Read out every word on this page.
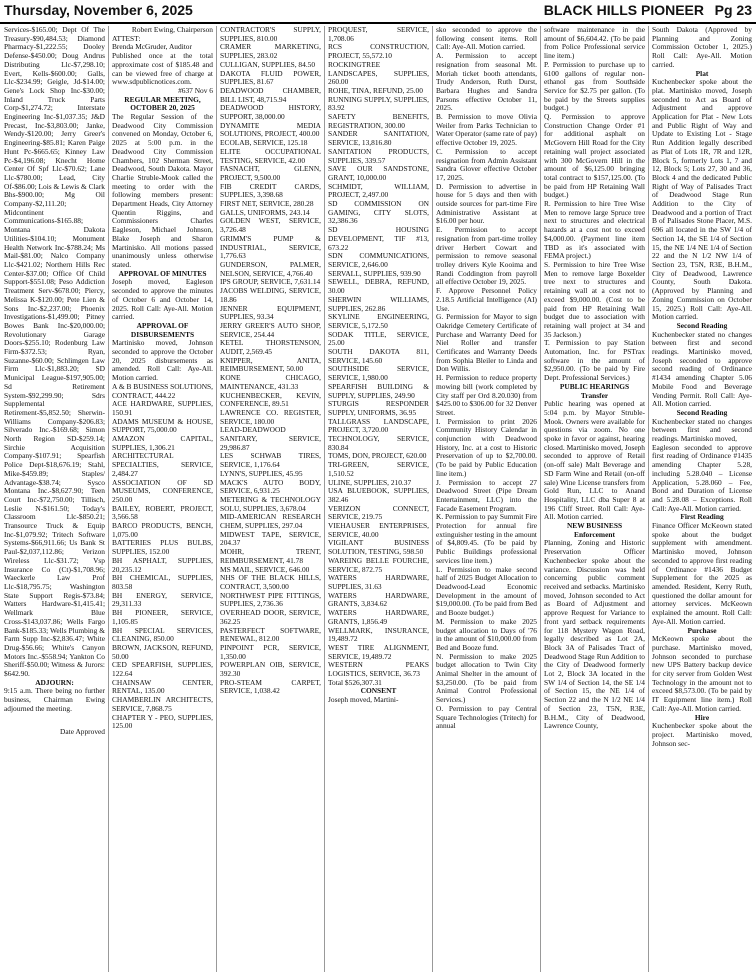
Thursday, November 6, 2025	BLACK HILLS PIONEER Pg 23

Services-$165.00; Dept Of The Treasury-$90,484.53; Diamond Pharmacy-$1,222.55; Dooley Defense-$450.00; Doug Andrus Distributing Llc-$7,298.10; Evert, Kells-$600.00; Galls, Llc-$234.99; Geigle, Jd-$14.00; Gene's Lock Shop Inc-$30.00; Inland Truck Parts Corp-$1,274.72; Interstate Engineering Inc-$1,037.35; J&D Precast, Inc-$3,803.00; Janke, Wendy-$120.00; Jerry Greer's Engineering-$85.81; Karen Paige Hunt Pc-$665.65; Kinney Law Pc-$4,196.08; Knecht Home Center Of Spf Llc-$70.62; Lane Llc-$780.00; Lead, City Of-$86.00; Lois & Lewis & Clark Bhs-$900.00; Mg Oil Company-$2,111.20; Midcontinent Communications-$165.88; Montana Dakota Utilities-$104.10; Monument Health Network Inc-$788.24; Ms Mail-$81.00; Nalco Company Llc-$421.02; Northern Hills Rec Center-$37.00; Office Of Child Support-$551.08; Peso Addiction Treatment Serv-$678.00; Piercy, Melissa K-$120.00; Pete Lien & Sons Inc-$2,237.00; Phoenix Investigations-$1,499.00; Pitney Bowes Bank Inc-$20,000.00; Revolutionary Garage Doors-$255.10; Rodenburg Law Firm-$372.53; Ryan, Suzanne-$60.00; Schlimgen Law Firm Llc-$1,883.20; SD Municipal League-$197,905.00; Sd Retirement System-$92,299.90; Sdrs Supplemental Retirement-$5,852.50; Sherwin-Williams Company-$206.83; Silverado Inc.-$169.68; Simon North Region SD-$259.14; Sirchie Acquisition Company-$107.91; Spearfish Police Dept-$18,676.19; Stahl, Mike-$459.89; Staples/ Advantage-$38.74; Sysco Montana Inc.-$8,627.90; Teen Court Inc-$72,750.00; Tillisch, Leslie N-$161.50; Today's Classroom Llc-$850.21; Transource Truck & Equip Inc-$1,079.92; Tritech Software Systems-$66,911.66; Us Bank St Paul-$2,037,112.86; Verizon Wireless Llc-$31.72; Vsp Insurance Co (Ct)-$1,708.96; Waeckerle Law Prof Llc-$18,795.75; Washington State Support Regis-$73.84; Watters Hardware-$1,415.41; Wellmark Blue Cross-$143,037.86; Wells Fargo Bank-$185.33; Wells Plumbing & Farm Supp Inc-$2,836.47; White Drug-$56.66; White's Canyon Motors Inc.-$558.94; Yankton Co Sheriff-$50.00; Witness & Jurors: $642.90.

ADJOURN:

9:15 a.m. There being no further business, Chairman Ewing adjourned the meeting.

Date Approved

Robert Ewing, Chairperson

ATTEST:

Brenda McGruder, Auditor

Published once at the total approximate cost of $185.48 and can be viewed free of charge at www.sdpublicnotices.com.

#637 Nov 6

REGULAR MEETING, OCTOBER 20, 2025

The Regular Session of the Deadwood City Commission convened on Monday, October 6, 2025 at 5:00 p.m. in the Deadwood City Commission Chambers, 102 Sherman Street, Deadwood, South Dakota. Mayor Charlie Struble-Mook called the meeting to order with the following members present: Department Heads, City Attorney Quentin Riggins, and Commissioners Charles Eagleson, Michael Johnson, Blake Joseph and Sharon Martinisko. All motions passed unanimously unless otherwise stated.

APPROVAL OF MINUTES

Joseph moved, Eagleson seconded to approve the minutes of October 6 and October 14, 2025. Roll Call: Aye-All. Motion carried.

APPROVAL OF DISBURSEMENTS

Martinisko moved, Johnson seconded to approve the October 20, 2025 disbursements as amended. Roll Call: Aye-All. Motion carried.

A & B BUSINESS SOLUTIONS, CONTRACT, 444.22

ACE HARDWARE, SUPPLIES, 150.91

ADAMS MUSEUM & HOUSE, SUPPORT, 75,000.00

AMAZON CAPITAL, SUPPLIES, 1,306.21

ARCHITECTURAL SPECIALTIES, SERVICE, 2,484.27

ASSOCIATION OF SD MUSEUMS, CONFERENCE, 250.00

BAILEY, ROBERT, PROJECT, 3,566.58

BARCO PRODUCTS, BENCH, 1,075.00

BATTERIES PLUS BULBS, SUPPLIES, 152.00

BH ASPHALT, SUPPLIES, 20,235.12

BH CHEMICAL, SUPPLIES, 803.58

BH ENERGY, SERVICE, 29,311.33

BH PIONEER, SERVICE, 1,105.85

BH SPECIAL SERVICES, CLEANING, 850.00

BROWN, JACKSON, REFUND, 50.00

CED SPEARFISH, SUPPLIES, 122.64

CHAINSAW CENTER, RENTAL, 135.00

CHAMBERLIN ARCHITECTS, SERVICE, 7,868.75

CHAPTER Y - PEO, SUPPLIES, 125.00

CONTRACTOR'S SUPPLY, SUPPLIES, 810.00

CRAMER MARKETING, SUPPLIES, 283.02

CULLIGAN, SUPPLIES, 84.50

DAKOTA FLUID POWER, SUPPLIES, 81.67

DEADWOOD CHAMBER, BILL LIST, 48,715.94

DEADWOOD HISTORY, SUPPORT, 38,000.00

DYNAMITE MEDIA SOLUTIONS, PROJECT, 400.00

ECOLAB, SERVICE, 125.18

ELITE OCCUPATIONAL TESTING, SERVICE, 42.00

FASNACHT, GLENN, PROJECT, 9,500.00

FIB CREDIT CARDS, SUPPLIES, 3,398.68

FIRST NET, SERVICE, 280.28

GALLS, UNIFORMS, 243.14

GOLDEN WEST, SERVICE, 3,726.48

GRIMM'S PUMP & INDUSTRIAL, SERVICE, 1,776.63

GUNDERSON, PALMER, NELSON, SERVICE, 4,766.40

IPS GROUP, SERVICE, 7,631.14

JACOBS WELDING, SERVICE, 18.86

JENNER EQUIPMENT, SUPPLIES, 93.34

JERRY GREER'S AUTO SHOP, SERVICE, 254.44

KETEL THORSTENSON, AUDIT, 2,569.45

KNIPPER, ANITA, REIMBURSEMENT, 50.00

KONE CHICAGO, MAINTENANCE, 431.33

KUCHENBECKER, KEVIN, CONFERENCE, 89.51

LAWRENCE CO. REGISTER, SERVICE, 180.00

LEAD-DEADWOOD SANITARY, SERVICE, 29,986.87

LES SCHWAB TIRES, SERVICE, 1,176.64

LYNN'S, SUPPLIES, 45.95

MACK'S AUTO BODY, SERVICE, 6,931.25

METERING & TECHNOLOGY SOLU, SUPPLIES, 3,678.04

MID-AMERICAN RESEARCH CHEM, SUPPLIES, 297.04

MIDWEST TAPE, SERVICE, 204.37

MOHR, TRENT, REIMBURSEMENT, 41.78

MS MAIL, SERVICE, 646.00

NHS OF THE BLACK HILLS, CONTRACT, 3,500.00

NORTHWEST PIPE FITTINGS, SUPPLIES, 2,736.36

OVERHEAD DOOR, SERVICE, 362.25

PASTERFECT SOFTWARE, RENEWAL, 812.00

PINPOINT PCR, SERVICE, 1,350.00

POWERPLAN OIB, SERVICE, 392.30

PRO-STEAM CARPET, SERVICE, 1,038.42

PROQUEST, SERVICE, 1,708.06

RCS CONSTRUCTION, PROJECT, 55,572.10

ROCKINGTREE LANDSCAPES, SUPPLIES, 260.00

ROHE, TINA, REFUND, 25.00

RUNNING SUPPLY, SUPPLIES, 83.92

SAFETY BENEFITS, REGISTRATION, 300.00

SANDER SANITATION, SERVICE, 13,816.80

SANITATION PRODUCTS, SUPPLIES, 339.57

SAVE OUR SANDSTONE, GRANT, 10,000.00

SCHMIDT, WILLIAM, PROJECT, 2,497.00

SD COMMISSION ON GAMING, CITY SLOTS, 32,386.36

SD HOUSING DEVELOPMENT, TIF #13, 673.22

SDN COMMUNICATIONS, SERVICE, 2,646.00

SERVALL, SUPPLIES, 939.90

SEWELL, DEBRA, REFUND, 30.00

SHERWIN WILLIAMS, SUPPLIES, 262.86

SKYLINE ENGINEERING, SERVICE, 5,172.50

SODAK TITLE, SERVICE, 25.00

SOUTH DAKOTA 811, SERVICE, 145.60

SOUTHSIDE SERVICE, SERVICE, 1,980.00

SPEARFISH BUILDING & SUPPLY, SUPPLIES, 249.90

STURGIS RESPONDER SUPPLY, UNIFORMS, 36.95

TALLGRASS LANDSCAPE, PROJECT, 3,720.00

TECHNOLOGY, SERVICE, 830.84

TOMS, DON, PROJECT, 620.00

TRI-GREEN, SERVICE, 1,510.52

ULINE, SUPPLIES, 210.37

USA BLUEBOOK, SUPPLIES, 382.46

VERIZON CONNECT, SERVICE, 219.75

VIEHAUSER ENTERPRISES, SERVICE, 40.00

VIGILANT BUSINESS SOLUTION, TESTING, 598.50

WAREING BELLE FOURCHE, SERVICE, 872.75

WATERS HARDWARE, SUPPLIES, 31.63

WATERS HARDWARE, GRANTS, 3,834.62

WATERS HARDWARE, GRANTS, 1,856.49

WELLMARK, INSURANCE, 19,489.72

WEST TIRE ALIGNMENT, SERVICE, 19,489.72

WESTERN PEAKS LOGISTICS, SERVICE, 36.73

Total $526,307.31

CONSENT

Joseph moved, Martini-

sko seconded to approve the following consent items. Roll Call: Aye-All. Motion carried.

A. Permission to accept resignation from seasonal Mt. Moriah ticket booth attendants, Trudy Anderson, Ruth Durst, Barbara Hughes and Sandra Parsons effective October 11, 2025.

B. Permission to move Olivia Weiler from Parks Technician to Water Operator (same rate of pay) effective October 19, 2025.

C. Permission to accept resignation from Admin Assistant Sandra Glover effective October 17, 2025.

D. Permission to advertise in house for 5 days and then with outside sources for part-time Fire Administrative Assistant at $16.00 per hour.

E. Permission to accept resignation from part-time trolley driver Herbert Cowart and permission to remove seasonal trolley drivers Kyle Kooima and Randi Coddington from payroll all effective October 19, 2025.

F. Approve Personnel Policy 2.18.5 Artificial Intelligence (AI) Use.

G. Permission for Mayor to sign Oakridge Cemetery Certificate of Purchase and Warranty Deed for Niel Roller and transfer Certificates and Warranty Deeds from Sophia Bleiler to Linda and Don Willis.

H. Permission to reduce property mowing bill (work completed by City staff per Ord 8.20.030) from $425.00 to $306.00 for 32 Denver Street.

I. Permission to print 2026 Community History Calendar in conjunction with Deadwood History, Inc. at a cost to Historic Preservation of up to $2,700.00. (To be paid by Public Education line item.)

J. Permission to accept 27 Deadwood Street (Pipe Dream Entertainment, LLC) into the Facade Easement Program.

K. Permission to pay Summit Fire Protection for annual fire extinguisher testing in the amount of $4,809.45. (To be paid by Public Buildings professional services line item.)

L. Permission to make second half of 2025 Budget Allocation to Deadwood-Lead Economic Development in the amount of $19,000.00. (To be paid from Bed and Booze budget.)

M. Permission to make 2025 budget allocation to Days of '76 in the amount of $10,000.00 from Bed and Booze fund.

N. Permission to make 2025 budget allocation to Twin City Animal Shelter in the amount of $3,250.00. (To be paid from Animal Control Professional Services.)

O. Permission to pay Central Square Technologies (Tritech) for annual

software maintenance in the amount of $6,604.42. (To be paid from Police Professional service line item.)

P. Permission to purchase up to 6100 gallons of regular non-ethanol gas from Southside Service for $2.75 per gallon. (To be paid by the Streets supplies budget.)

Q. Permission to approve Construction Change Order #1 for additional asphalt on McGovern Hill Road for the City retaining wall project associated with 300 McGovern Hill in the amount of $6,125.00 bringing total contract to $157,125.00. (To be paid from HP Retaining Wall budget.)

R. Permission to hire Tree Wise Men to remove large Spruce tree next to structures and electrical hazards at a cost not to exceed $4,000.00. (Payment line item TBD as it's associated with FEMA project.)

S. Permission to hire Tree Wise Men to remove large Boxelder tree next to structures and retaining wall at a cost not to exceed $9,000.00. (Cost to be paid from HP Retaining Wall budget due to association with retaining wall project at 34 and 35 Jackson.)

T. Permission to pay Station Automation, Inc. for PSTrax software in the amount of $2,950.00. (To be paid by Fire Dept. Professional Services.)

PUBLIC HEARINGS

Transfer

Public hearing was opened at 5:04 p.m. by Mayor Struble-Mook. Owners were available for questions via zoom. No one spoke in favor or against, hearing closed. Martinisko moved, Joseph seconded to approve of Retail (on-off sale) Malt Beverage and SD Farm Wine and Retail (on-off sale) Wine License transfers from Gold Run, LLC to Anand Hospitality, LLC dba Super 8 at 196 Cliff Street. Roll Call: Aye-All. Motion carried.

NEW BUSINESS

Enforcement

Planning, Zoning and Historic Preservation Officer Kuchenbecker spoke about the variance. Discussion was held concerning public comment received and setbacks. Martinisko moved, Johnson seconded to Act as Board of Adjustment and approve Request for Variance to front yard setback requirements for 118 Mystery Wagon Road, legally described as Lot 2A, Block 3A of Palisades Tract of Deadwood Stage Run Addition to the City of Deadwood formerly Lot 2, Block 3A located in the SW 1/4 of Section 14, the SE 1/4 of Section 15, the NE 1/4 of Section 22 and the N 1/2 NE 1/4 of Section 23, T5N, R3E, B.H.M., City of Deadwood, Lawrence County,

South Dakota (Approved by Planning and Zoning Commission October 1, 2025.) Roll Call: Aye-All. Motion carried.

Plat

Kuchenbecker spoke about the plat. Martinisko moved, Joseph seconded to Act as Board of Adjustment and approve Application for Plat - New Lots and Public Right of Way and Update to Existing Lot - Stage Run Addition legally described as Plat of Lots 1R, 7R and 12R, Block 5, formerly Lots 1, 7 and 12, Block 5; Lots 27, 30 and 36, Block 4 and the dedicated Public Right of Way of Palisades Tract of Deadwood Stage Run Addition to the City of Deadwood and a portion of Tract B of Palisades Stone Placer, M.S. 696 all located in the SW 1/4 of Section 14, the SE 1/4 of Section 15, the NE 1/4 NE 1/4 of Section 22 and the N 1/2 NW 1/4 of Section 23, T5N, R3E, B.H.M., City of Deadwood, Lawrence County, South Dakota. (Approved by Planning and Zoning Commission on October 15, 2025.) Roll Call: Aye-All. Motion carried.

Second Reading

Kuchenbecker stated no changes between first and second readings. Martinisko moved, Joseph seconded to approve second reading of Ordinance #1434 amending Chapter 5.06 Mobile Food and Beverage Vending Permit. Roll Call: Aye-All. Motion carried.

Second Reading

Kuchenbecker stated no changes between first and second readings. Martinisko moved,

Eagleson seconded to approve first reading of Ordinance #1435 amending Chapter 5.28, including 5.28.040 – License Application, 5.28.060 – Fee, Bond and Duration of License and 5.28.08 – Exceptions. Roll Call: Aye-All. Motion carried.

First Reading

Finance Officer McKeown stated spoke about the budget supplement with amendment. Martinisko moved, Johnson seconded to approve first reading of Ordinance #1436 Budget Supplement for the 2025 as amended. Resident, Kerry Ruth, questioned the dollar amount for attorney services. McKeown explained the amount. Roll Call: Aye-All. Motion carried.

Purchase

McKeown spoke about the purchase. Martinisko moved, Johnson seconded to purchase new UPS Battery backup device for city server from Golden West Technology in the amount not to exceed $8,573.00. (To be paid by IT Equipment line item.) Roll Call: Aye-All. Motion carried.

Hire

Kuchenbecker spoke about the project. Martinisko moved, Johnson sec-
